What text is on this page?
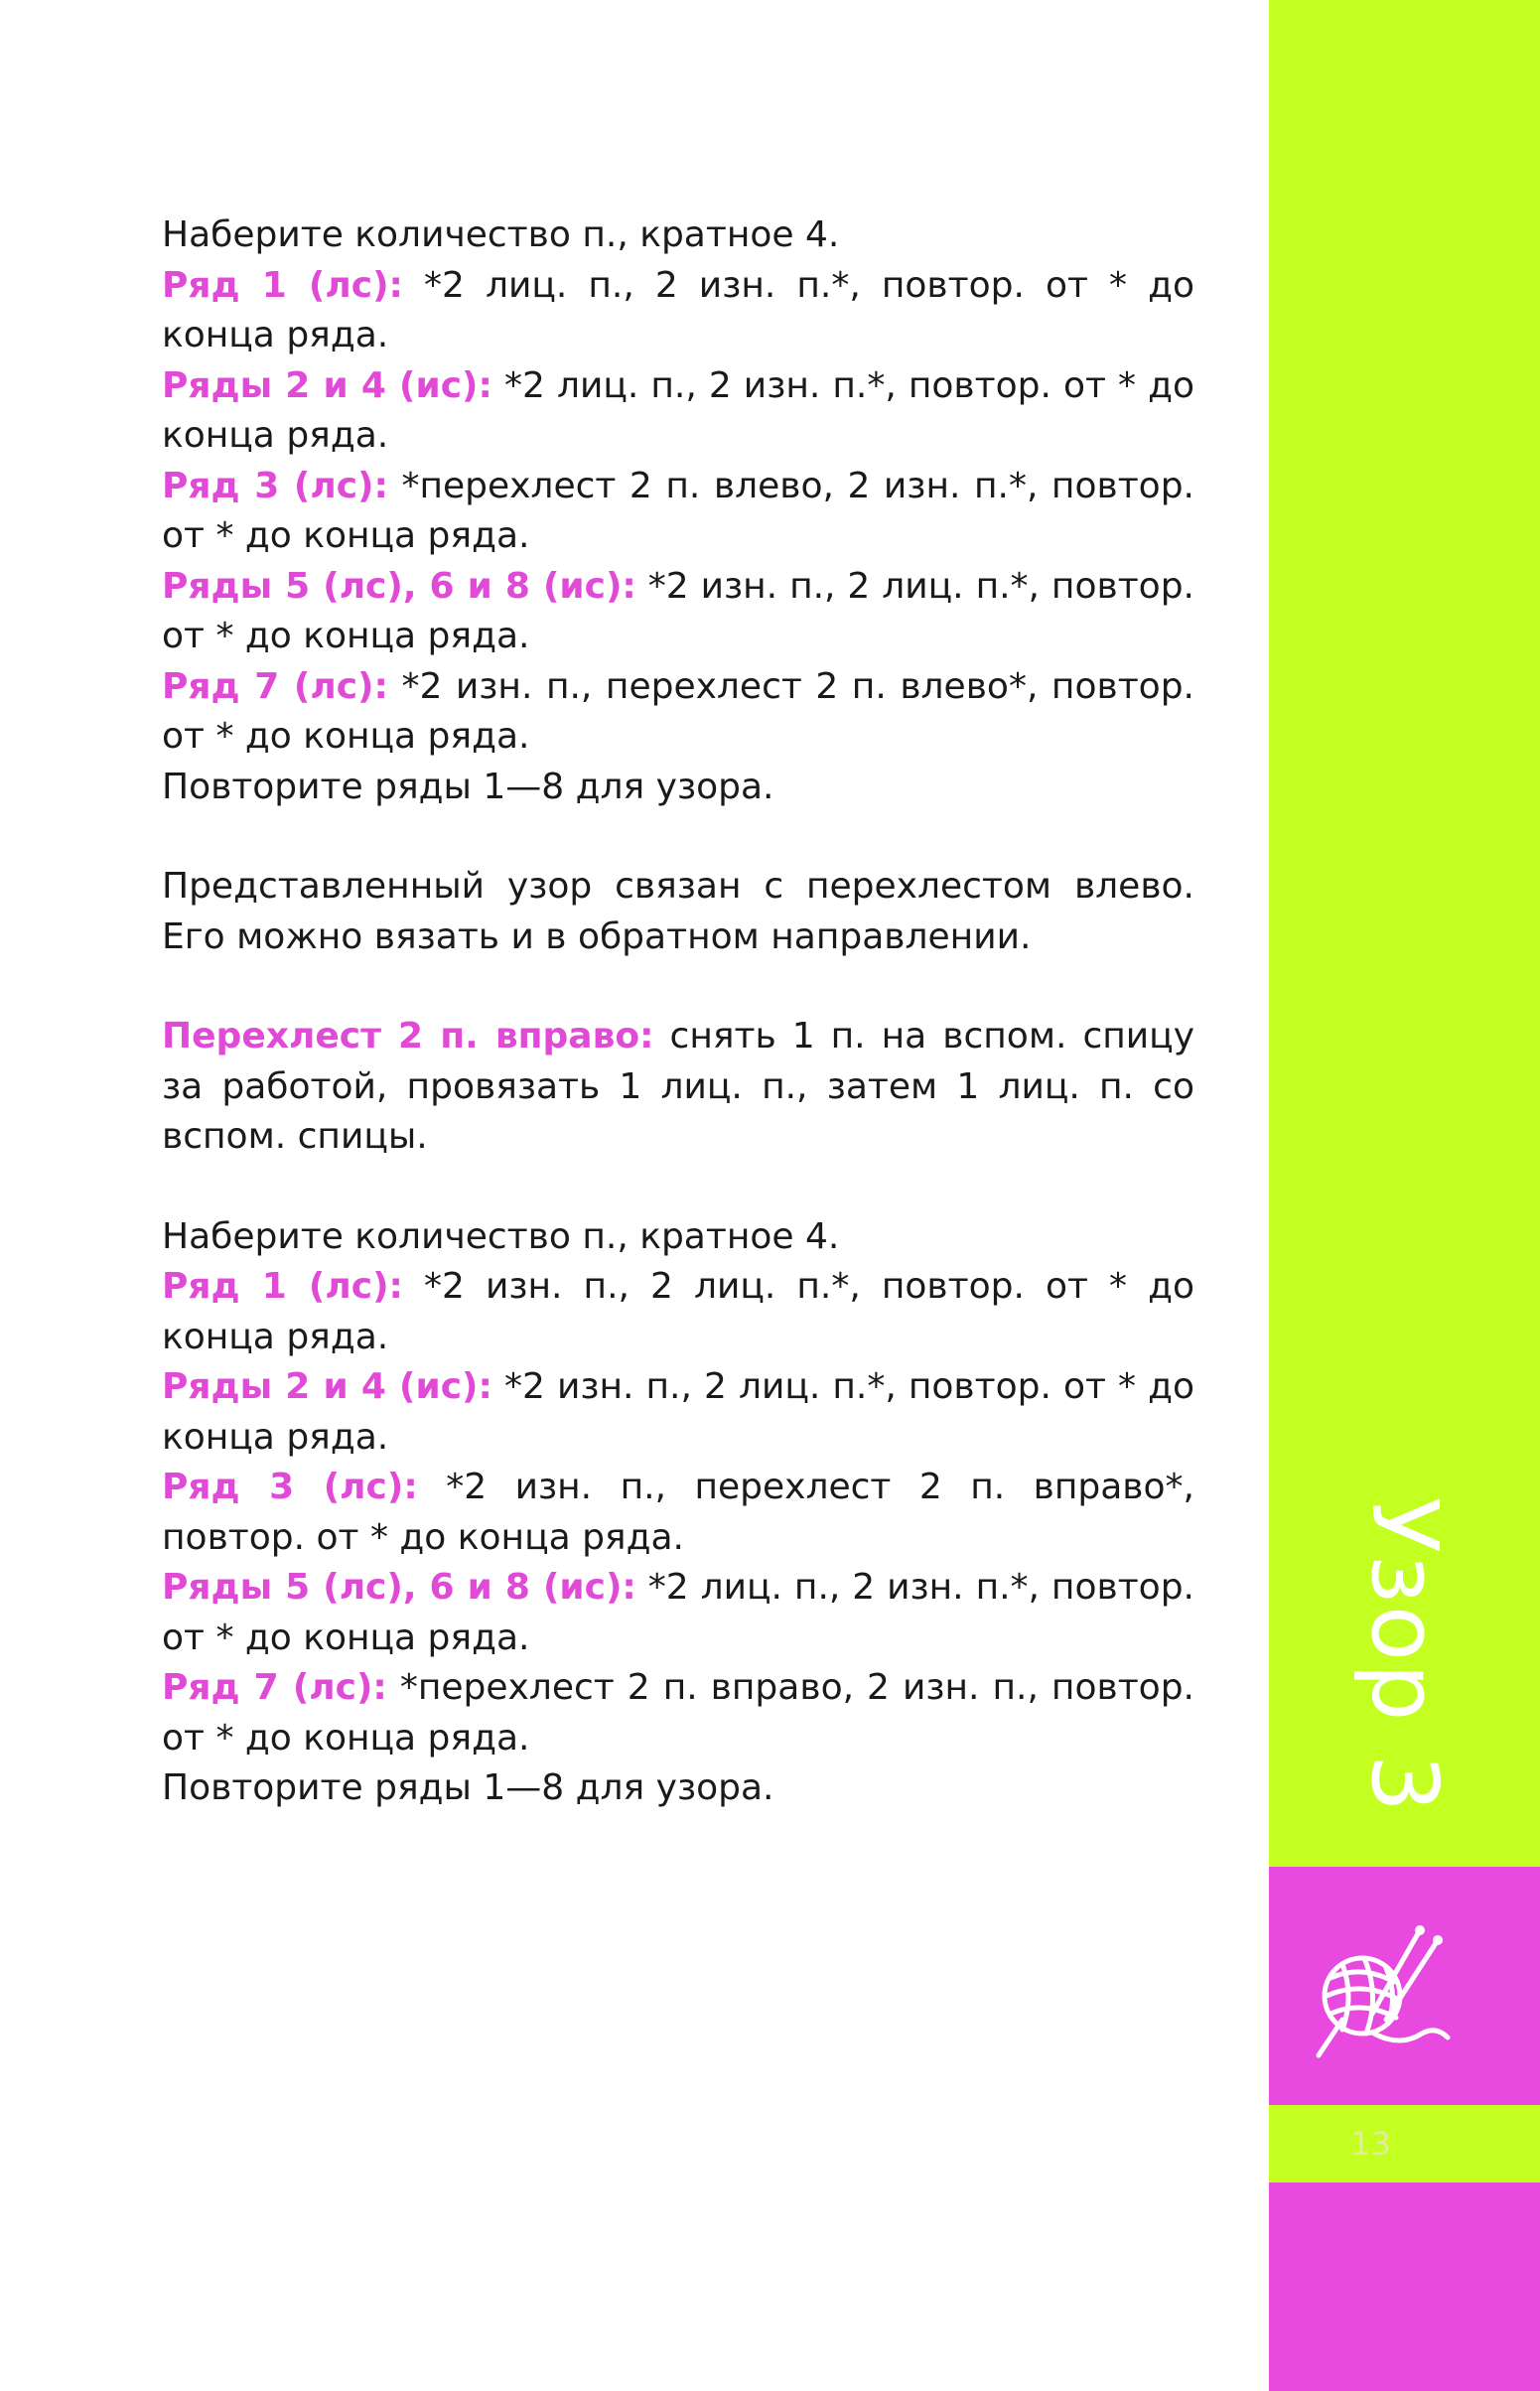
Узор 3
13

Наберите количество п., кратное 4.

Ряд 1 (лс): *2 лиц. п., 2 изн. п.*, повтор. от * до конца ряда.

Ряды 2 и 4 (ис): *2 лиц. п., 2 изн. п.*, повтор. от * до конца ряда.

Ряд 3 (лс): *перехлест 2 п. влево, 2 изн. п.*, повтор. от * до конца ряда.

Ряды 5 (лс), 6 и 8 (ис): *2 изн. п., 2 лиц. п.*, повтор. от * до конца ряда.

Ряд 7 (лс): *2 изн. п., перехлест 2 п. влево*, повтор. от * до конца ряда.

Повторите ряды 1—8 для узора.

Представленный узор связан с перехлестом влево. Его можно вязать и в обратном направлении.

Перехлест 2 п. вправо: снять 1 п. на вспом. спицу за работой, провязать 1 лиц. п., затем 1 лиц. п. со вспом. спицы.

Наберите количество п., кратное 4.

Ряд 1 (лс): *2 изн. п., 2 лиц. п.*, повтор. от * до конца ряда.

Ряды 2 и 4 (ис): *2 изн. п., 2 лиц. п.*, повтор. от * до конца ряда.

Ряд 3 (лс): *2 изн. п., перехлест 2 п. вправо*, повтор. от * до конца ряда.

Ряды 5 (лс), 6 и 8 (ис): *2 лиц. п., 2 изн. п.*, повтор. от * до конца ряда.

Ряд 7 (лс): *перехлест 2 п. вправо, 2 изн. п., повтор. от * до конца ряда.

Повторите ряды 1—8 для узора.
